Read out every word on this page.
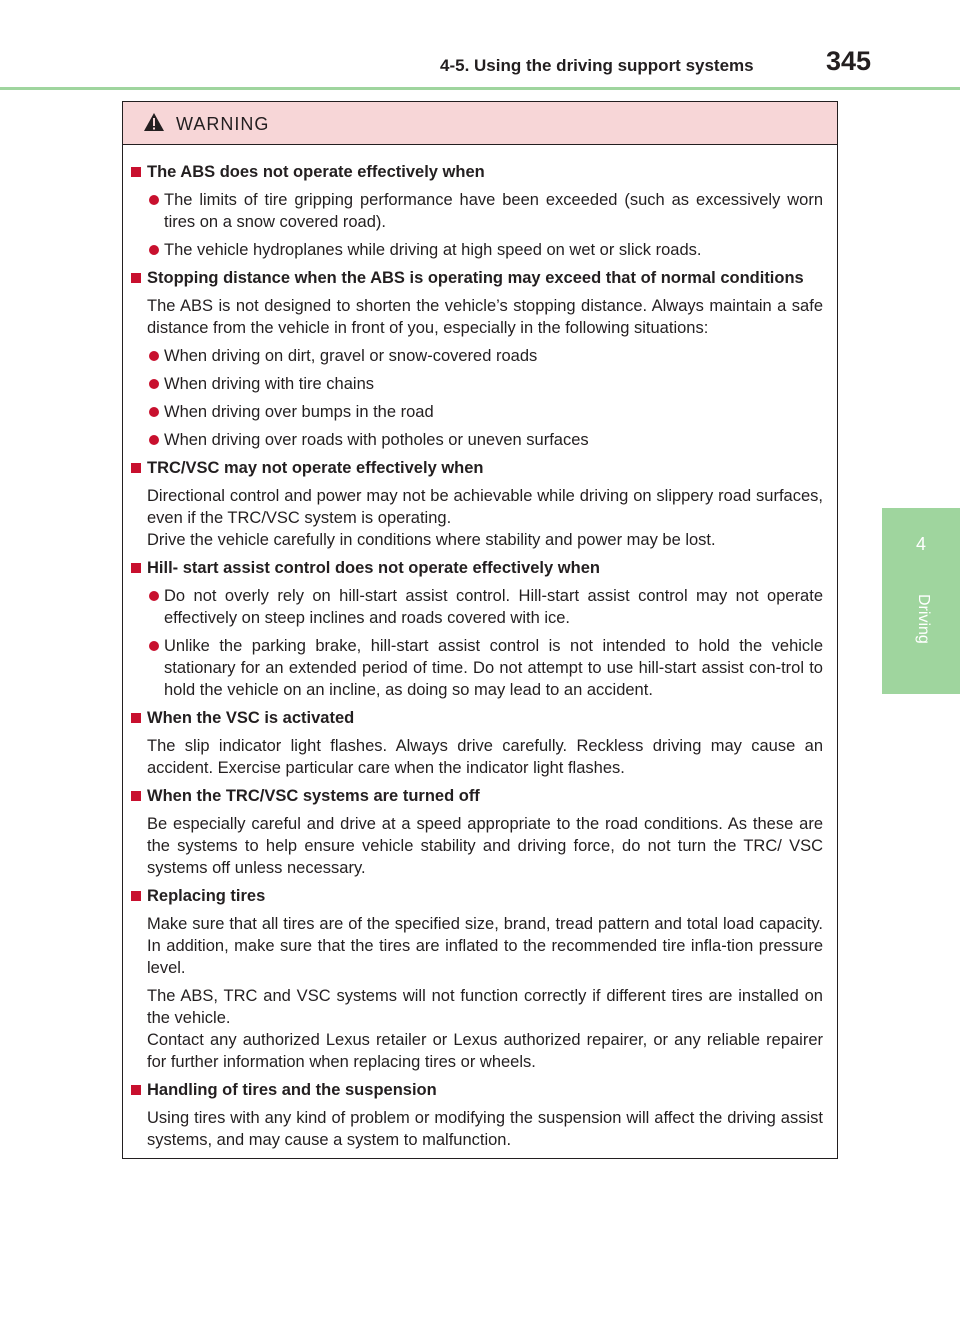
4-5. Using the driving support systems	345
4
Driving
WARNING
The ABS does not operate effectively when
The limits of tire gripping performance have been exceeded (such as excessively worn tires on a snow covered road).
The vehicle hydroplanes while driving at high speed on wet or slick roads.
Stopping distance when the ABS is operating may exceed that of normal conditions
The ABS is not designed to shorten the vehicle’s stopping distance. Always maintain a safe distance from the vehicle in front of you, especially in the following situations:
When driving on dirt, gravel or snow-covered roads
When driving with tire chains
When driving over bumps in the road
When driving over roads with potholes or uneven surfaces
TRC/VSC may not operate effectively when
Directional control and power may not be achievable while driving on slippery road surfaces, even if the TRC/VSC system is operating.
Drive the vehicle carefully in conditions where stability and power may be lost.
Hill- start assist control does not operate effectively when
Do not overly rely on hill-start assist control. Hill-start assist control may not operate effectively on steep inclines and roads covered with ice.
Unlike the parking brake, hill-start assist control is not intended to hold the vehicle stationary for an extended period of time. Do not attempt to use hill-start assist con-trol to hold the vehicle on an incline, as doing so may lead to an accident.
When the VSC is activated
The slip indicator light flashes. Always drive carefully. Reckless driving may cause an accident. Exercise particular care when the indicator light flashes.
When the TRC/VSC systems are turned off
Be especially careful and drive at a speed appropriate to the road conditions. As these are the systems to help ensure vehicle stability and driving force, do not turn the TRC/ VSC systems off unless necessary.
Replacing tires
Make sure that all tires are of the specified size, brand, tread pattern and total load capacity. In addition, make sure that the tires are inflated to the recommended tire infla-tion pressure level.
The ABS, TRC and VSC systems will not function correctly if different tires are installed on the vehicle.
Contact any authorized Lexus retailer or Lexus authorized repairer, or any reliable repairer for further information when replacing tires or wheels.
Handling of tires and the suspension
Using tires with any kind of problem or modifying the suspension will affect the driving assist systems, and may cause a system to malfunction.
